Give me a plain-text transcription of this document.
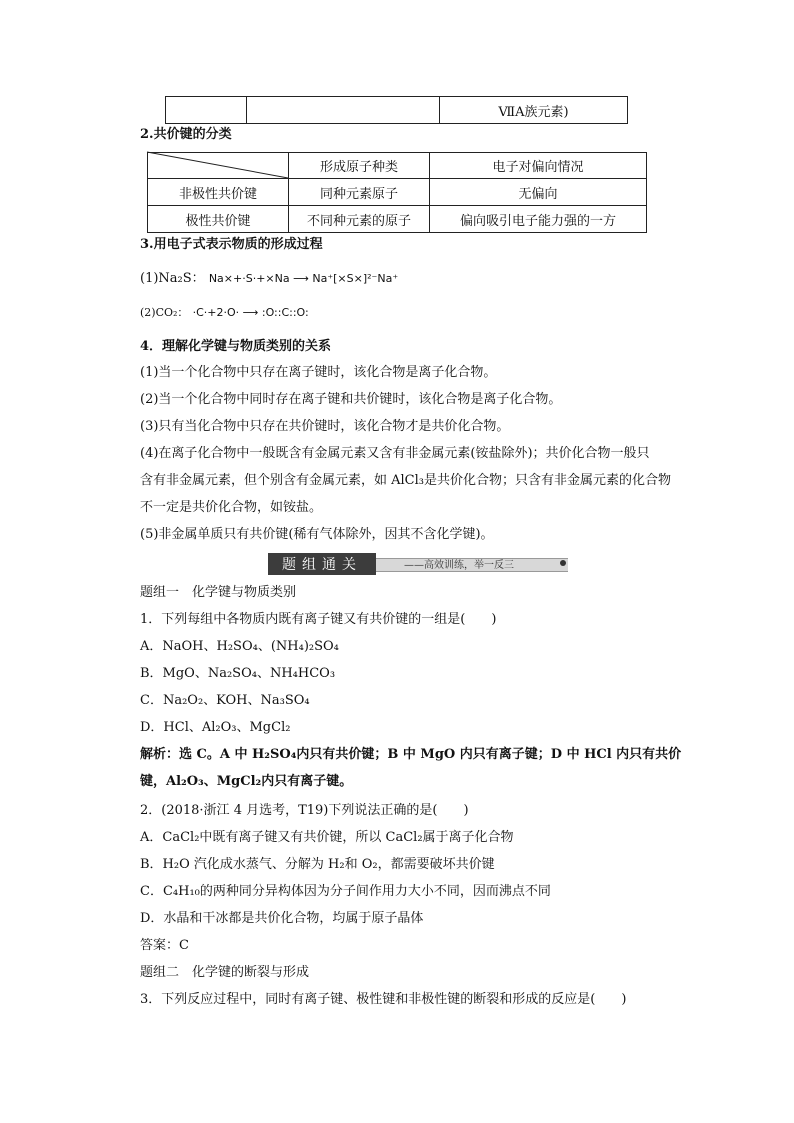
		ⅦA族元素)
2.共价键的分类
	形成原子种类	电子对偏向情况
非极性共价键	同种元素原子	无偏向
极性共价键	不同种元素的原子	偏向吸引电子能力强的一方
3.用电子式表示物质的形成过程
(1)Na₂S： Na×+·S·+×Na ⟶ Na⁺[×S×]²⁻Na⁺
(2)CO₂： ·C·+2·O· ⟶ :O::C::O:
4．理解化学键与物质类别的关系
(1)当一个化合物中只存在离子键时，该化合物是离子化合物。
(2)当一个化合物中同时存在离子键和共价键时，该化合物是离子化合物。
(3)只有当化合物中只存在共价键时，该化合物才是共价化合物。
(4)在离子化合物中一般既含有金属元素又含有非金属元素(铵盐除外)；共价化合物一般只
含有非金属元素，但个别含有金属元素，如 AlCl₃是共价化合物；只含有非金属元素的化合物
不一定是共价化合物，如铵盐。
(5)非金属单质只有共价键(稀有气体除外，因其不含化学键)。
题组通关	——高效训练，举一反三
题组一　化学键与物质类别
1．下列每组中各物质内既有离子键又有共价键的一组是(　　)
A．NaOH、H₂SO₄、(NH₄)₂SO₄
B．MgO、Na₂SO₄、NH₄HCO₃
C．Na₂O₂、KOH、Na₃SO₄
D．HCl、Al₂O₃、MgCl₂
解析：选 C。A 中 H₂SO₄内只有共价键；B 中 MgO 内只有离子键；D 中 HCl 内只有共价
键，Al₂O₃、MgCl₂内只有离子键。
2．(2018·浙江 4 月选考，T19)下列说法正确的是(　　)
A．CaCl₂中既有离子键又有共价键，所以 CaCl₂属于离子化合物
B．H₂O 汽化成水蒸气、分解为 H₂和 O₂，都需要破坏共价键
C．C₄H₁₀的两种同分异构体因为分子间作用力大小不同，因而沸点不同
D．水晶和干冰都是共价化合物，均属于原子晶体
答案：C
题组二　化学键的断裂与形成
3．下列反应过程中，同时有离子键、极性键和非极性键的断裂和形成的反应是(　　)
